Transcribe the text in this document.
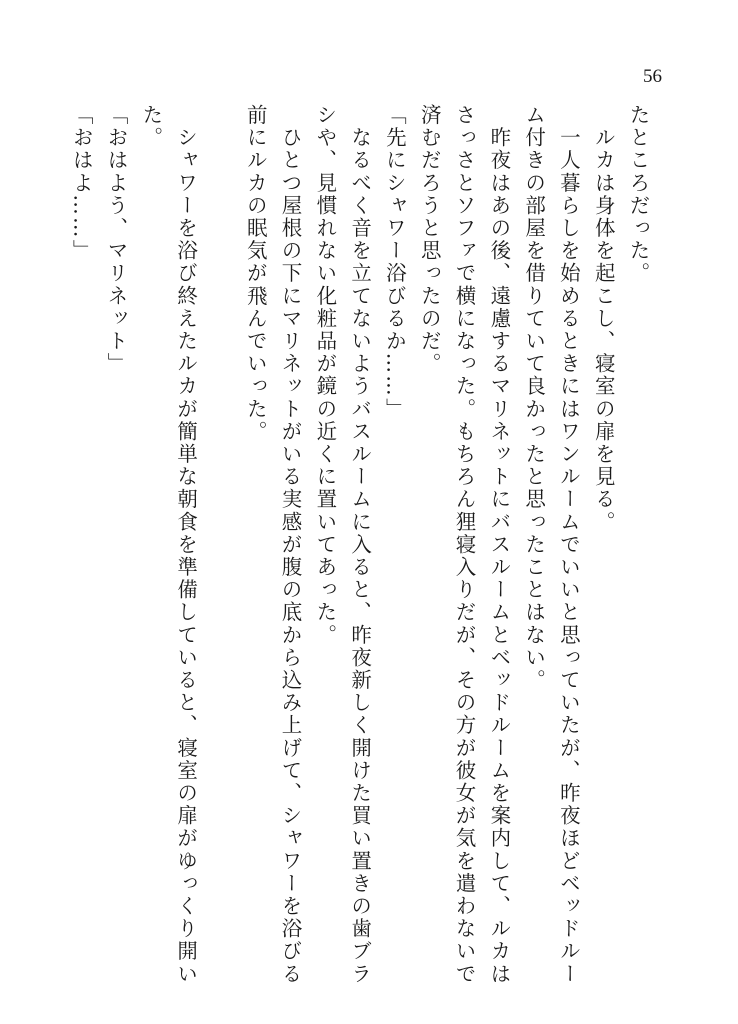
56
たところだった。
　ルカは身体を起こし、寝室の扉を見る。
　一人暮らしを始めるときにはワンルームでいいと思っていたが、昨夜ほどベッドルー
ム付きの部屋を借りていて良かったと思ったことはない。
　昨夜はあの後、遠慮するマリネットにバスルームとベッドルームを案内して、ルカは
さっさとソファで横になった。もちろん狸寝入りだが、その方が彼女が気を遣わないで
済むだろうと思ったのだ。
「先にシャワー浴びるか……」
　なるべく音を立てないようバスルームに入ると、昨夜新しく開けた買い置きの歯ブラ
シや、見慣れない化粧品が鏡の近くに置いてあった。
　ひとつ屋根の下にマリネットがいる実感が腹の底から込み上げて、シャワーを浴びる
前にルカの眠気が飛んでいった。

　シャワーを浴び終えたルカが簡単な朝食を準備していると、寝室の扉がゆっくり開い
た。
「おはよう、マリネット」
「おはよ……」
